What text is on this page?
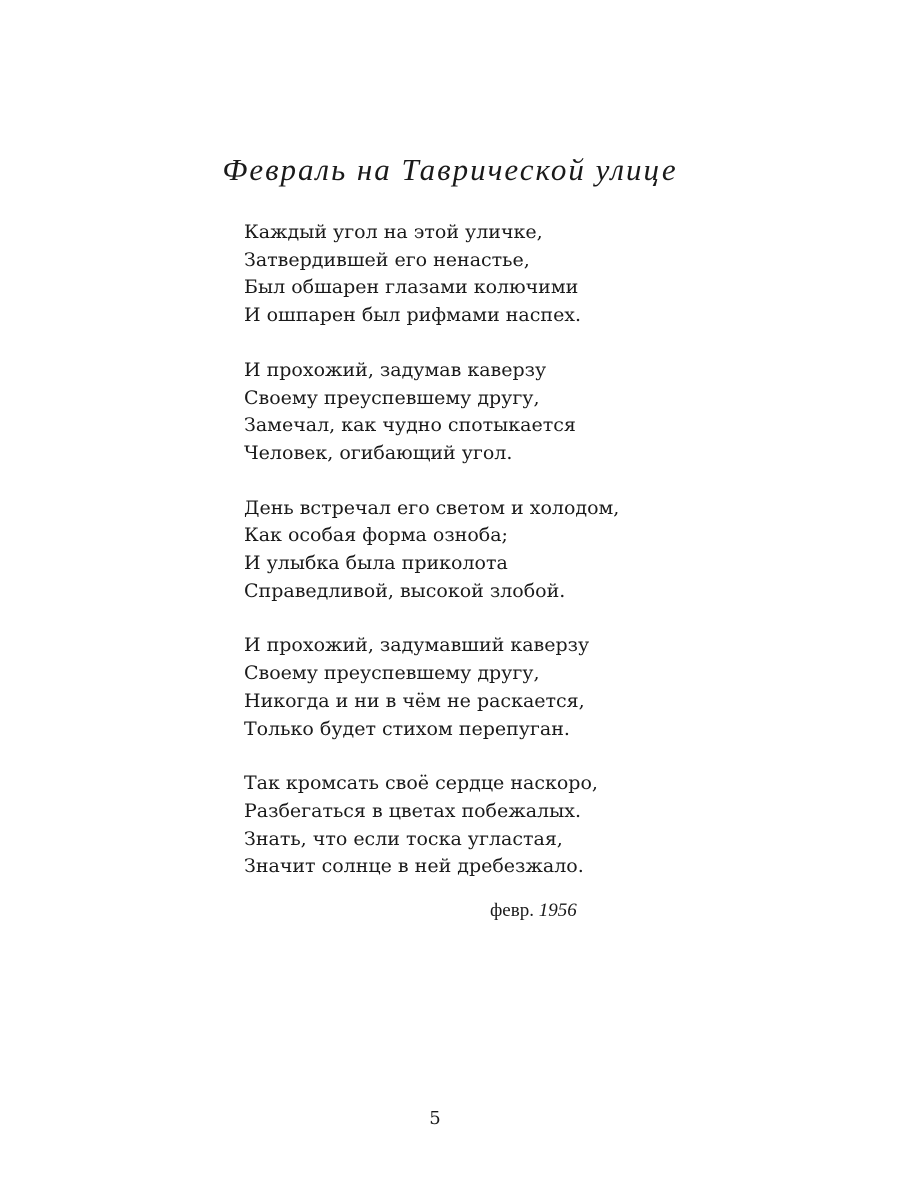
Февраль на Таврической улице
Каждый угол на этой уличке,
Затвердившей его ненастье,
Был обшарен глазами колючими
И ошпарен был рифмами наспех.
И прохожий, задумав каверзу
Своему преуспевшему другу,
Замечал, как чудно спотыкается
Человек, огибающий угол.
День встречал его светом и холодом,
Как особая форма озноба;
И улыбка была приколота
Справедливой, высокой злобой.
И прохожий, задумавший каверзу
Своему преуспевшему другу,
Никогда и ни в чём не раскается,
Только будет стихом перепуган.
Так кромсать своё сердце наскоро,
Разбегаться в цветах побежалых.
Знать, что если тоска угластая,
Значит солнце в ней дребезжало.
февр. 1956
5
